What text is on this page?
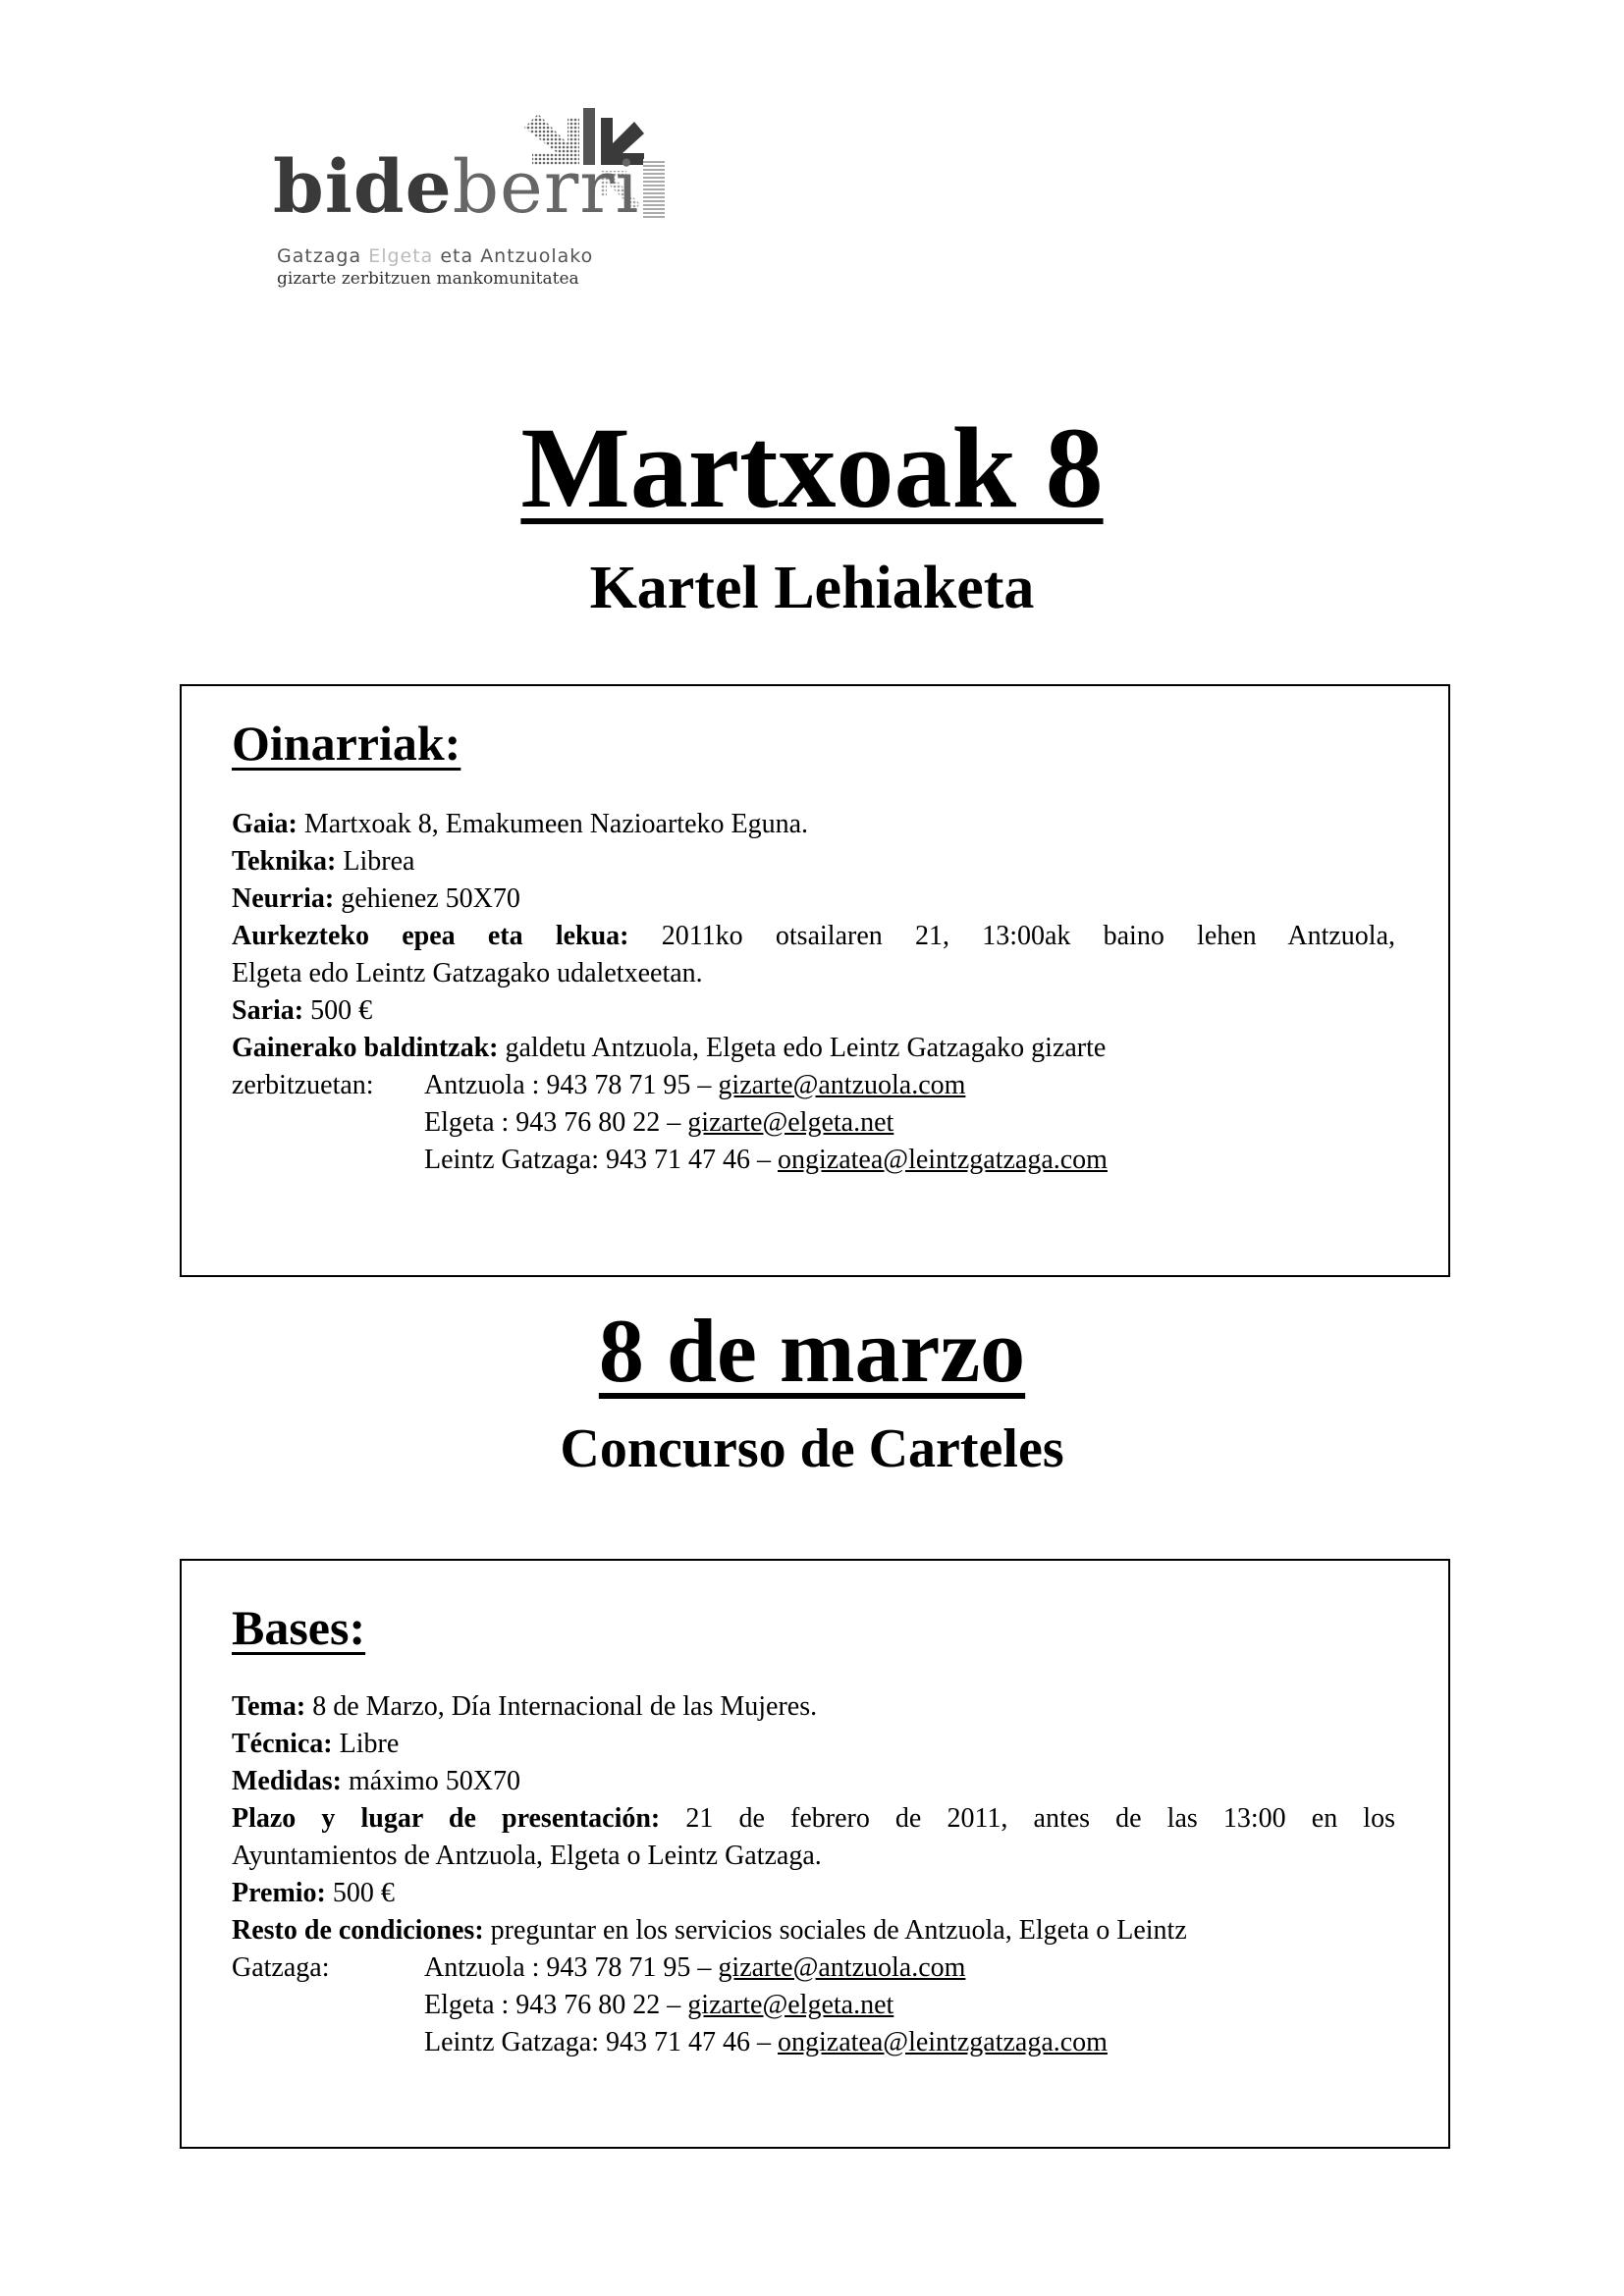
bideberri
Gatzaga Elgeta eta Antzuolako
gizarte zerbitzuen mankomunitatea
Martxoak 8
Kartel Lehiaketa
Oinarriak:
Gaia: Martxoak 8, Emakumeen Nazioarteko Eguna.
Teknika: Librea
Neurria: gehienez 50X70
Aurkezteko epea eta lekua: 2011ko otsailaren 21, 13:00ak baino lehen Antzuola,
Elgeta edo Leintz Gatzagako udaletxeetan.
Saria: 500 €
Gainerako baldintzak: galdetu Antzuola, Elgeta edo Leintz Gatzagako gizarte
zerbitzuetan:	Antzuola : 943 78 71 95 – gizarte@antzuola.com
Elgeta : 943 76 80 22 – gizarte@elgeta.net
Leintz Gatzaga: 943 71 47 46 – ongizatea@leintzgatzaga.com
8 de marzo
Concurso de Carteles
Bases:
Tema: 8 de Marzo, Día Internacional de las Mujeres.
Técnica: Libre
Medidas: máximo 50X70
Plazo y lugar de presentación: 21 de febrero de 2011, antes de las 13:00 en los
Ayuntamientos de Antzuola, Elgeta o Leintz Gatzaga.
Premio: 500 €
Resto de condiciones: preguntar en los servicios sociales de Antzuola, Elgeta o Leintz
Gatzaga:	Antzuola : 943 78 71 95 – gizarte@antzuola.com
Elgeta : 943 76 80 22 – gizarte@elgeta.net
Leintz Gatzaga: 943 71 47 46 – ongizatea@leintzgatzaga.com
